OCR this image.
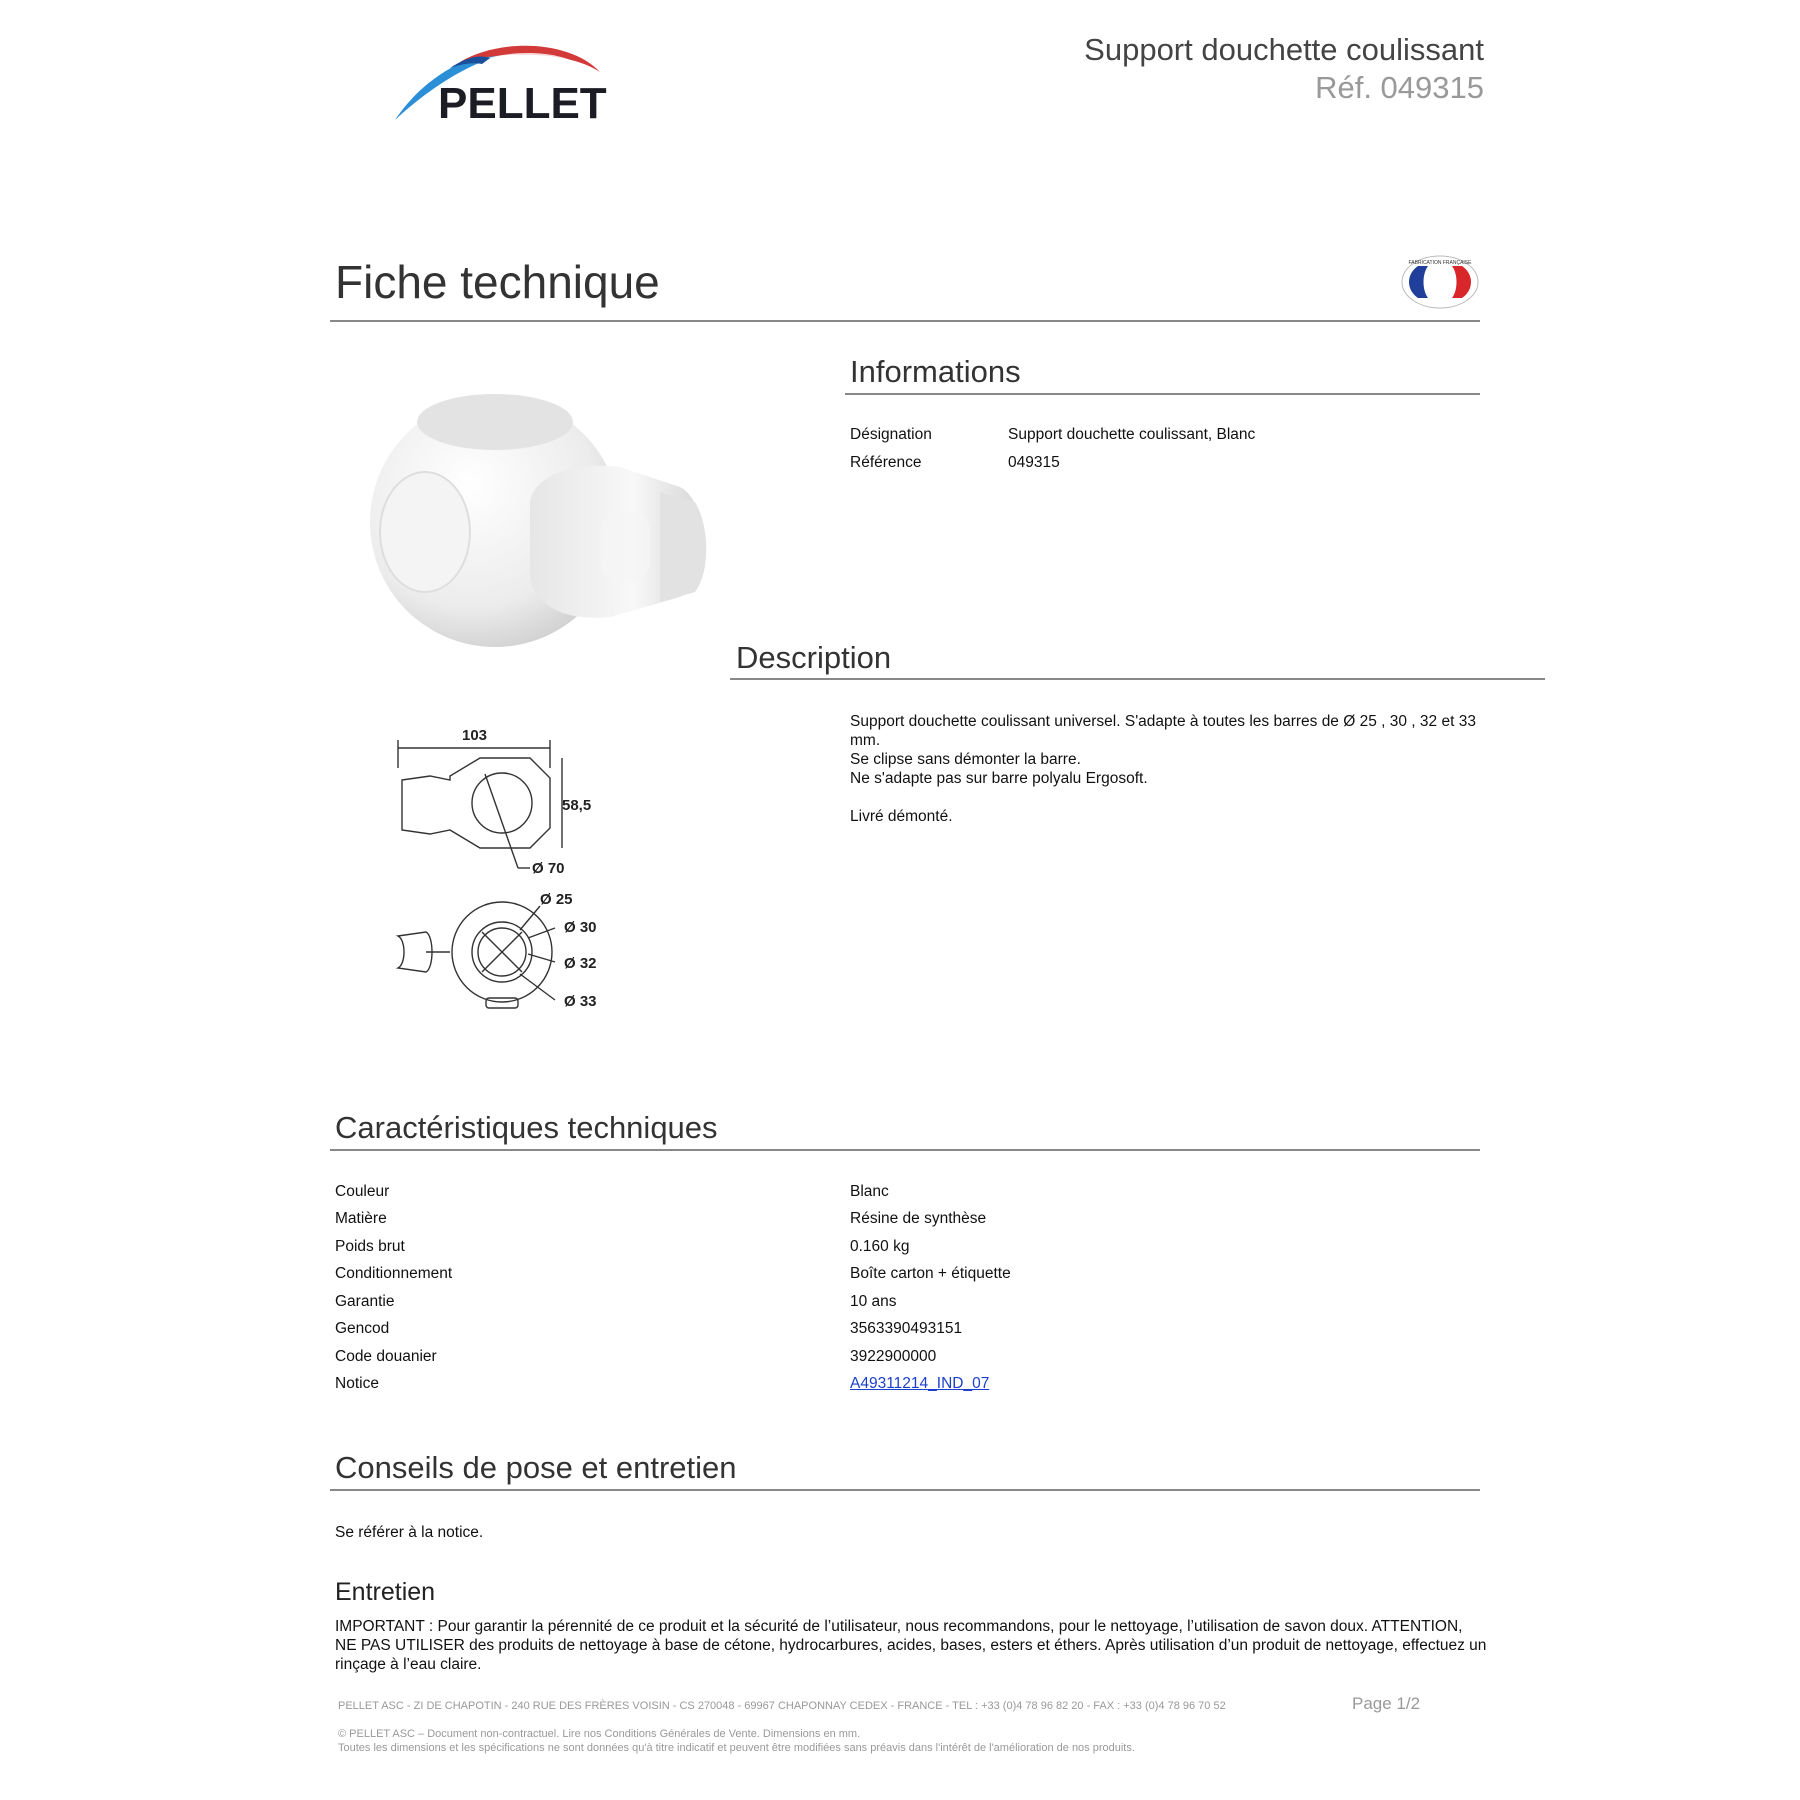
PELLET
Support douchette coulissant
Réf. 049315
Fiche technique	FABRICATION FRANÇAISE
Informations
Désignation	Support douchette coulissant, Blanc
Référence	049315
Description
Support douchette coulissant universel. S'adapte à toutes les barres de Ø 25 , 30 , 32 et 33
mm.
Se clipse sans démonter la barre.
Ne s'adapte pas sur barre polyalu Ergosoft.
Livré démonté.
103
58,5
Ø 70
Ø 25
Ø 30
Ø 32
Ø 33
Caractéristiques techniques
Couleur	Blanc
Matière	Résine de synthèse
Poids brut	0.160 kg
Conditionnement	Boîte carton + étiquette
Garantie	10 ans
Gencod	3563390493151
Code douanier	3922900000
Notice	A49311214_IND_07
Conseils de pose et entretien
Se référer à la notice.
Entretien
IMPORTANT : Pour garantir la pérennité de ce produit et la sécurité de l’utilisateur, nous recommandons, pour le nettoyage, l’utilisation de savon doux. ATTENTION,
NE PAS UTILISER des produits de nettoyage à base de cétone, hydrocarbures, acides, bases, esters et éthers. Après utilisation d’un produit de nettoyage, effectuez un
rinçage à l’eau claire.
PELLET ASC - ZI DE CHAPOTIN - 240 RUE DES FRÈRES VOISIN - CS 270048 - 69967 CHAPONNAY CEDEX - FRANCE - TEL : +33 (0)4 78 96 82 20 - FAX : +33 (0)4 78 96 70 52	Page 1/2
© PELLET ASC – Document non-contractuel. Lire nos Conditions Générales de Vente. Dimensions en mm.
Toutes les dimensions et les spécifications ne sont données qu'à titre indicatif et peuvent être modifiées sans préavis dans l'intérêt de l'amélioration de nos produits.
